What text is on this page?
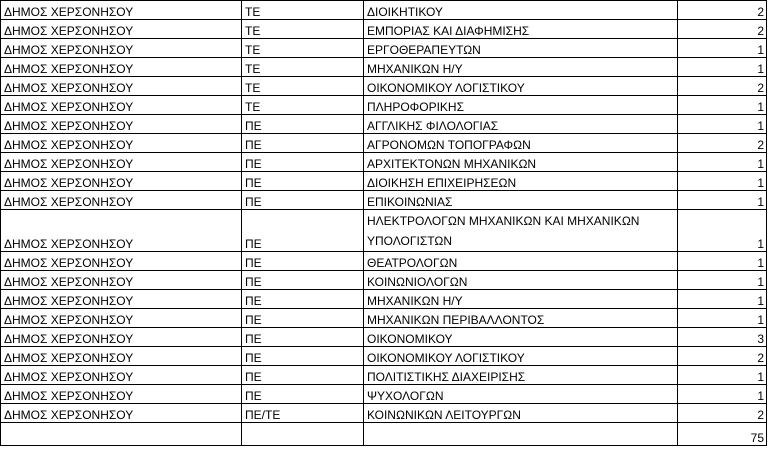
ΔΗΜΟΣ ΧΕΡΣΟΝΗΣΟΥ	ΤΕ	ΔΙΟΙΚΗΤΙΚΟΥ	2
ΔΗΜΟΣ ΧΕΡΣΟΝΗΣΟΥ	ΤΕ	ΕΜΠΟΡΙΑΣ ΚΑΙ ΔΙΑΦΗΜΙΣΗΣ	2
ΔΗΜΟΣ ΧΕΡΣΟΝΗΣΟΥ	ΤΕ	ΕΡΓΟΘΕΡΑΠΕΥΤΩΝ	1
ΔΗΜΟΣ ΧΕΡΣΟΝΗΣΟΥ	ΤΕ	ΜΗΧΑΝΙΚΩΝ Η/Υ	1
ΔΗΜΟΣ ΧΕΡΣΟΝΗΣΟΥ	ΤΕ	ΟΙΚΟΝΟΜΙΚΟΥ ΛΟΓΙΣΤΙΚΟΥ	2
ΔΗΜΟΣ ΧΕΡΣΟΝΗΣΟΥ	ΤΕ	ΠΛΗΡΟΦΟΡΙΚΗΣ	1
ΔΗΜΟΣ ΧΕΡΣΟΝΗΣΟΥ	ΠΕ	ΑΓΓΛΙΚΗΣ ΦΙΛΟΛΟΓΙΑΣ	1
ΔΗΜΟΣ ΧΕΡΣΟΝΗΣΟΥ	ΠΕ	ΑΓΡΟΝΟΜΩΝ ΤΟΠΟΓΡΑΦΩΝ	2
ΔΗΜΟΣ ΧΕΡΣΟΝΗΣΟΥ	ΠΕ	ΑΡΧΙΤΕΚΤΟΝΩΝ ΜΗΧΑΝΙΚΩΝ	1
ΔΗΜΟΣ ΧΕΡΣΟΝΗΣΟΥ	ΠΕ	ΔΙΟΙΚΗΣΗ ΕΠΙΧΕΙΡΗΣΕΩΝ	1
ΔΗΜΟΣ ΧΕΡΣΟΝΗΣΟΥ	ΠΕ	ΕΠΙΚΟΙΝΩΝΙΑΣ	1
ΔΗΜΟΣ ΧΕΡΣΟΝΗΣΟΥ	ΠΕ	ΗΛΕΚΤΡΟΛΟΓΩΝ ΜΗΧΑΝΙΚΩΝ ΚΑΙ ΜΗΧΑΝΙΚΩΝ ΥΠΟΛΟΓΙΣΤΩΝ	1
ΔΗΜΟΣ ΧΕΡΣΟΝΗΣΟΥ	ΠΕ	ΘΕΑΤΡΟΛΟΓΩΝ	1
ΔΗΜΟΣ ΧΕΡΣΟΝΗΣΟΥ	ΠΕ	ΚΟΙΝΩΝΙΟΛΟΓΩΝ	1
ΔΗΜΟΣ ΧΕΡΣΟΝΗΣΟΥ	ΠΕ	ΜΗΧΑΝΙΚΩΝ Η/Υ	1
ΔΗΜΟΣ ΧΕΡΣΟΝΗΣΟΥ	ΠΕ	ΜΗΧΑΝΙΚΩΝ ΠΕΡΙΒΑΛΛΟΝΤΟΣ	1
ΔΗΜΟΣ ΧΕΡΣΟΝΗΣΟΥ	ΠΕ	ΟΙΚΟΝΟΜΙΚΟΥ	3
ΔΗΜΟΣ ΧΕΡΣΟΝΗΣΟΥ	ΠΕ	ΟΙΚΟΝΟΜΙΚΟΥ ΛΟΓΙΣΤΙΚΟΥ	2
ΔΗΜΟΣ ΧΕΡΣΟΝΗΣΟΥ	ΠΕ	ΠΟΛΙΤΙΣΤΙΚΗΣ ΔΙΑΧΕΙΡΙΣΗΣ	1
ΔΗΜΟΣ ΧΕΡΣΟΝΗΣΟΥ	ΠΕ	ΨΥΧΟΛΟΓΩΝ	1
ΔΗΜΟΣ ΧΕΡΣΟΝΗΣΟΥ	ΠΕ/ΤΕ	ΚΟΙΝΩΝΙΚΩΝ ΛΕΙΤΟΥΡΓΩΝ	2
			75
